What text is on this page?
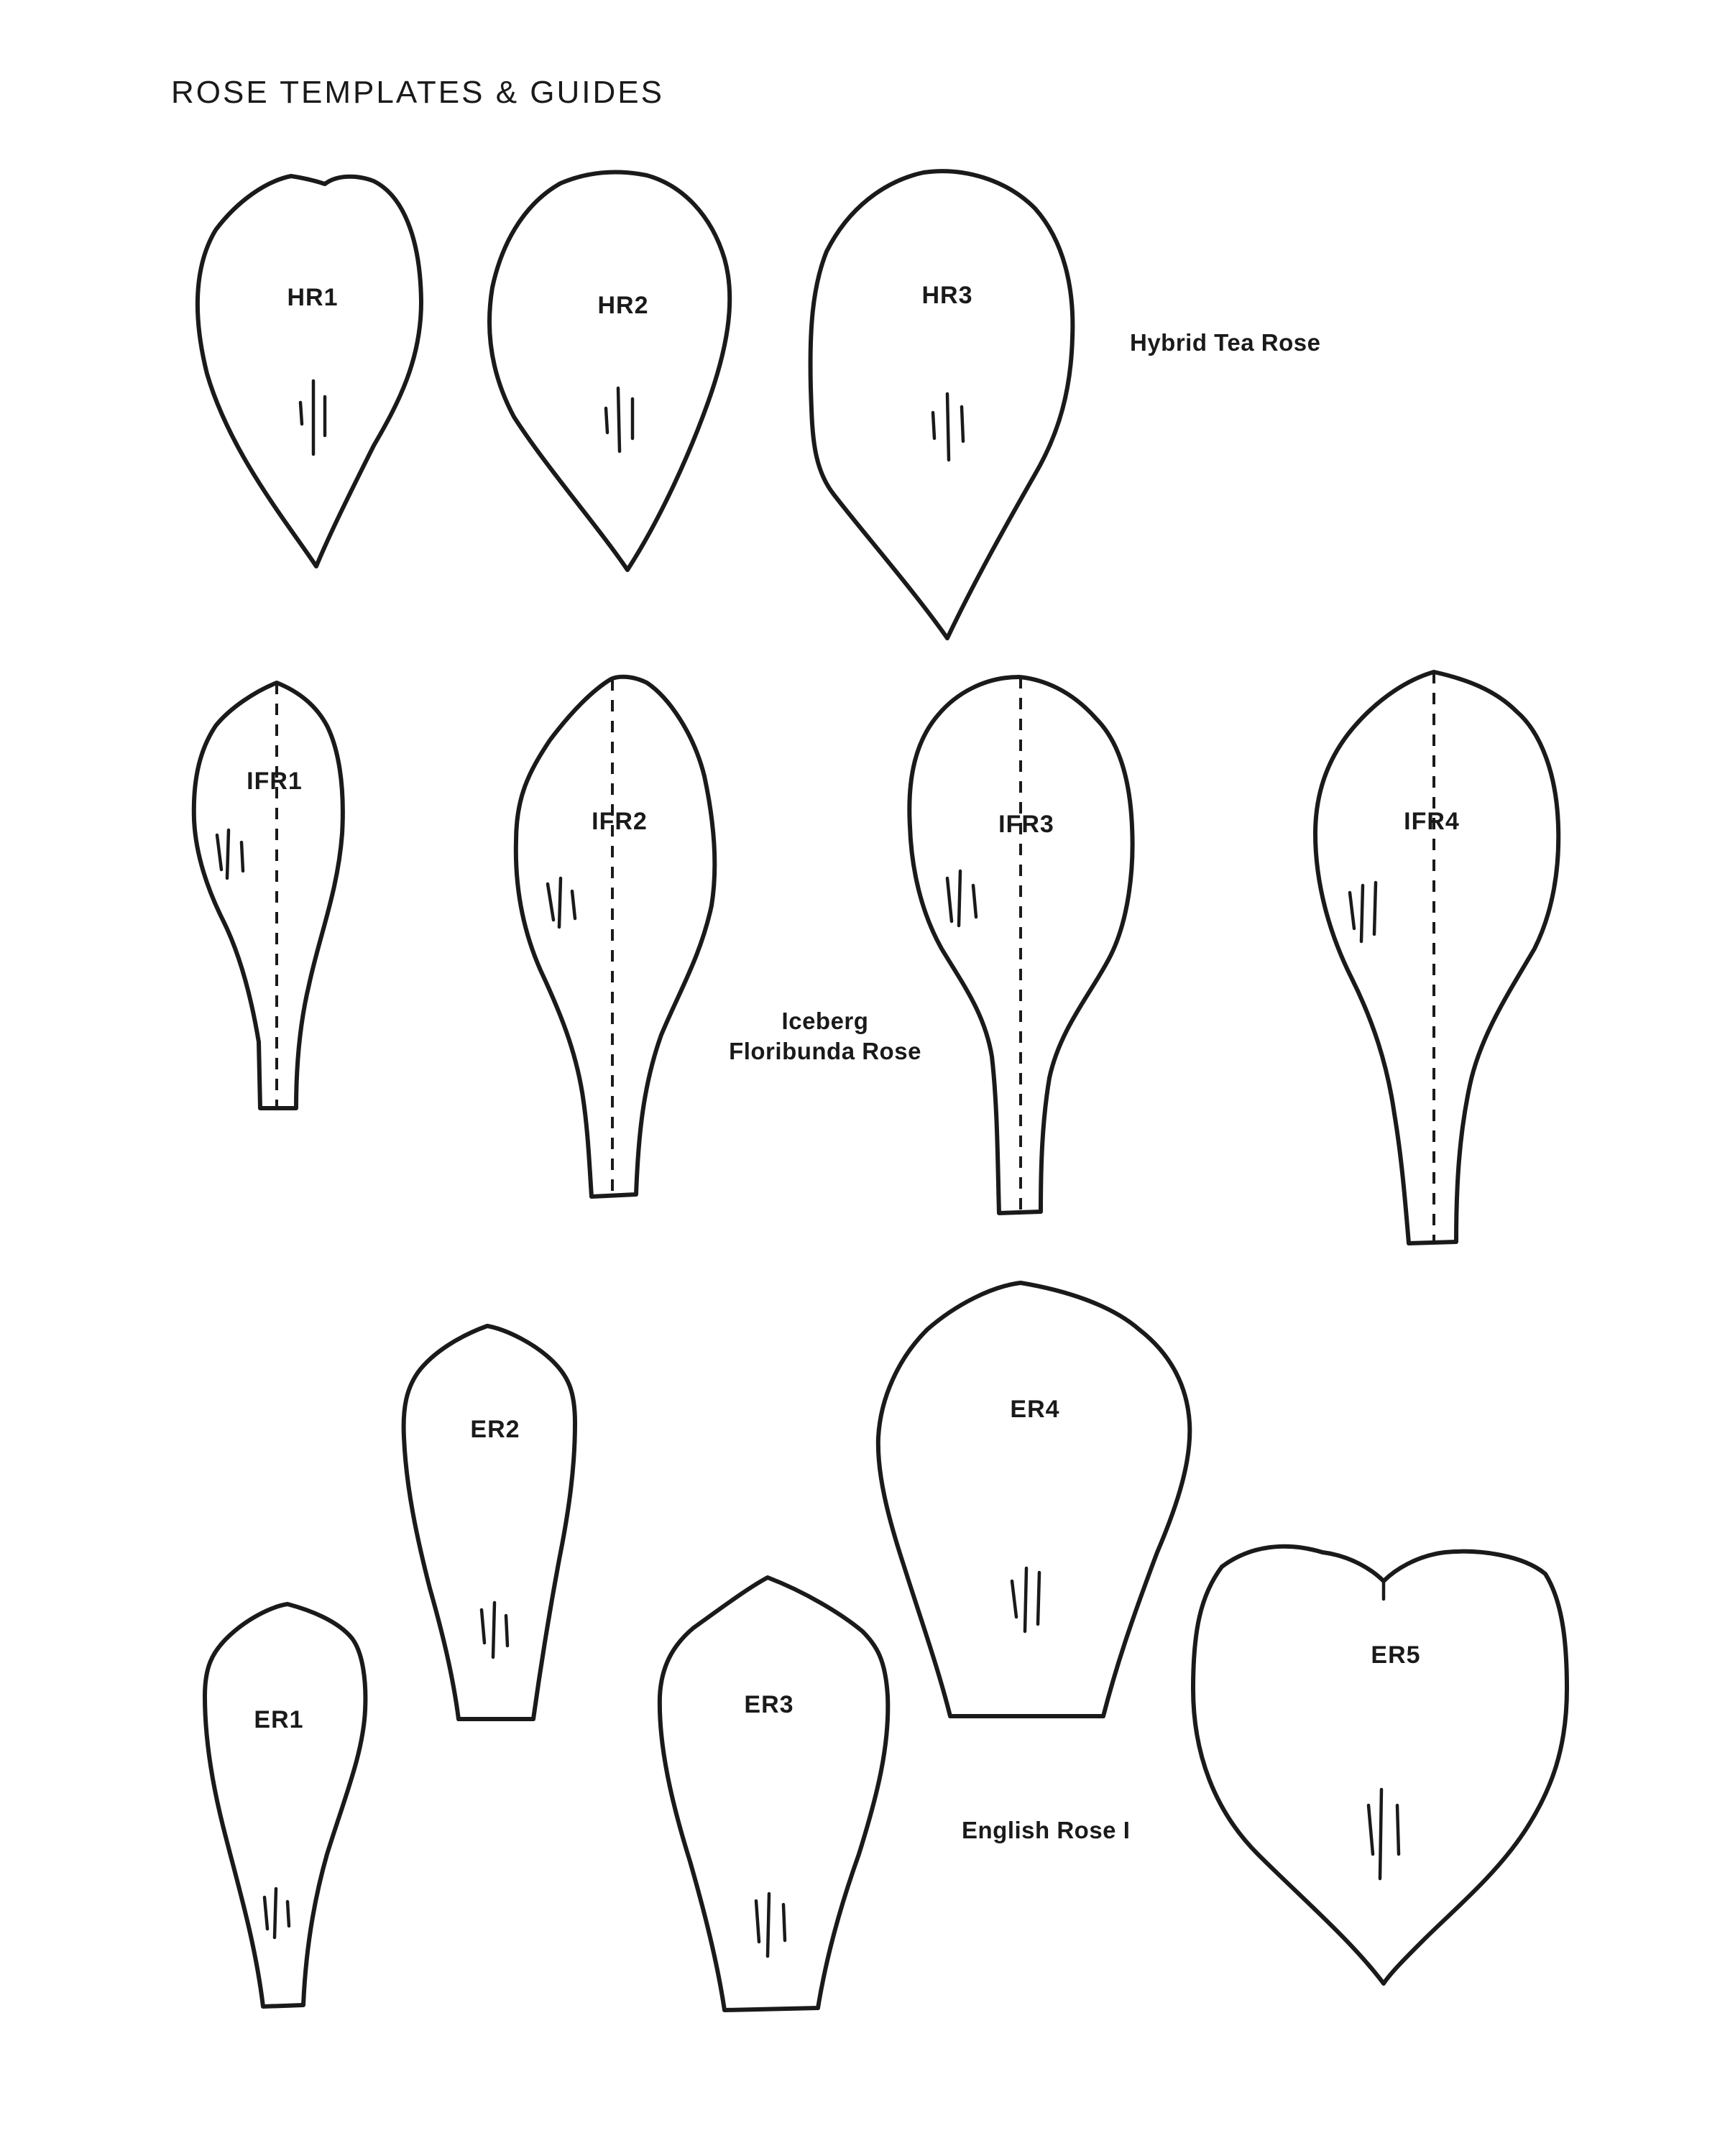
ROSE TEMPLATES & GUIDES
HR1	HR2	HR3
Hybrid Tea Rose
IFR1
IFR2	IFR3	IFR4
Iceberg
Floribunda Rose
ER1
ER2
ER3
ER4
ER5
English Rose I
